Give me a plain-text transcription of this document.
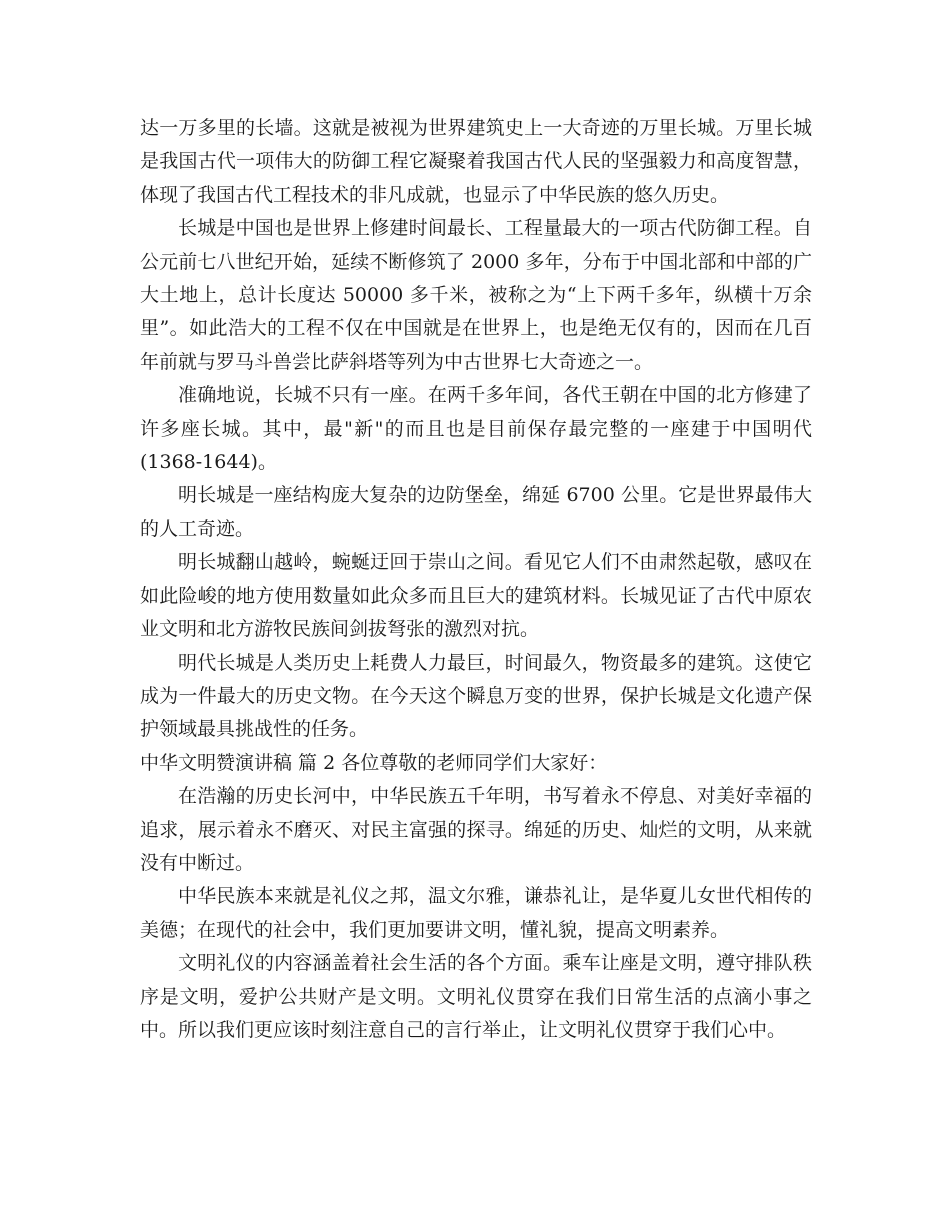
达一万多里的长墙。这就是被视为世界建筑史上一大奇迹的万里长城。万里长城是我国古代一项伟大的防御工程它凝聚着我国古代人民的坚强毅力和高度智慧，体现了我国古代工程技术的非凡成就，也显示了中华民族的悠久历史。

长城是中国也是世界上修建时间最长、工程量最大的一项古代防御工程。自公元前七八世纪开始，延续不断修筑了 2000 多年，分布于中国北部和中部的广大土地上，总计长度达 50000 多千米，被称之为“上下两千多年，纵横十万余里”。如此浩大的工程不仅在中国就是在世界上，也是绝无仅有的，因而在几百年前就与罗马斗兽尝比萨斜塔等列为中古世界七大奇迹之一。

准确地说，长城不只有一座。在两千多年间，各代王朝在中国的北方修建了许多座长城。其中，最"新"的而且也是目前保存最完整的一座建于中国明代(1368-1644)。

明长城是一座结构庞大复杂的边防堡垒，绵延 6700 公里。它是世界最伟大的人工奇迹。

明长城翻山越岭，蜿蜒迂回于崇山之间。看见它人们不由肃然起敬，感叹在如此险峻的地方使用数量如此众多而且巨大的建筑材料。长城见证了古代中原农业文明和北方游牧民族间剑拔弩张的激烈对抗。

明代长城是人类历史上耗费人力最巨，时间最久，物资最多的建筑。这使它成为一件最大的历史文物。在今天这个瞬息万变的世界，保护长城是文化遗产保护领域最具挑战性的任务。

中华文明赞演讲稿 篇 2 各位尊敬的老师同学们大家好：

在浩瀚的历史长河中，中华民族五千年明，书写着永不停息、对美好幸福的追求，展示着永不磨灭、对民主富强的探寻。绵延的历史、灿烂的文明，从来就没有中断过。

中华民族本来就是礼仪之邦，温文尔雅，谦恭礼让，是华夏儿女世代相传的美德；在现代的社会中，我们更加要讲文明，懂礼貌，提高文明素养。

文明礼仪的内容涵盖着社会生活的各个方面。乘车让座是文明，遵守排队秩序是文明，爱护公共财产是文明。文明礼仪贯穿在我们日常生活的点滴小事之中。所以我们更应该时刻注意自己的言行举止，让文明礼仪贯穿于我们心中。
